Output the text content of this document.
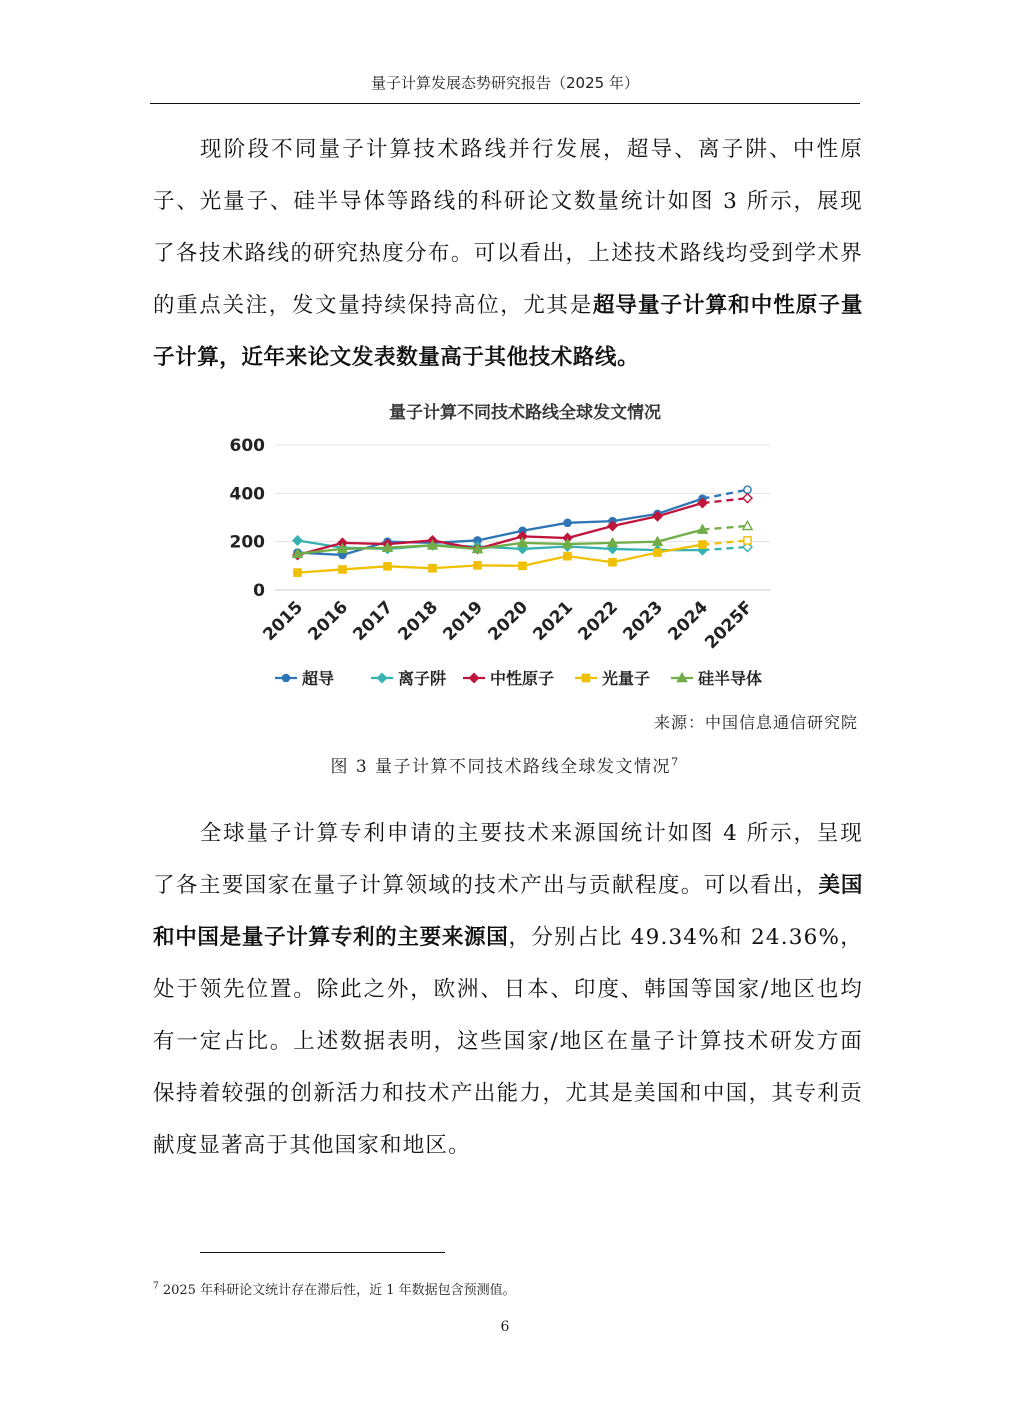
量子计算发展态势研究报告（2025 年）

现阶段不同量子计算技术路线并行发展，超导、离子阱、中性原子、光量子、硅半导体等路线的科研论文数量统计如图 3 所示，展现了各技术路线的研究热度分布。可以看出，上述技术路线均受到学术界的重点关注，发文量持续保持高位，尤其是超导量子计算和中性原子量子计算，近年来论文发表数量高于其他技术路线。

量子计算不同技术路线全球发文情况
0
200
400
600
2015
2016
2017
2018
2019
2020
2021
2022
2023
2024
2025F
超导	离子阱	中性原子	光量子	硅半导体
来源：中国信息通信研究院
图 3 量子计算不同技术路线全球发文情况$^7$

全球量子计算专利申请的主要技术来源国统计如图 4 所示，呈现了各主要国家在量子计算领域的技术产出与贡献程度。可以看出，美国和中国是量子计算专利的主要来源国，分别占比 49.34%和 24.36%，处于领先位置。除此之外，欧洲、日本、印度、韩国等国家/地区也均有一定占比。上述数据表明，这些国家/地区在量子计算技术研发方面保持着较强的创新活力和技术产出能力，尤其是美国和中国，其专利贡献度显著高于其他国家和地区。

$^7$ 2025 年科研论文统计存在滞后性，近 1 年数据包含预测值。
6
